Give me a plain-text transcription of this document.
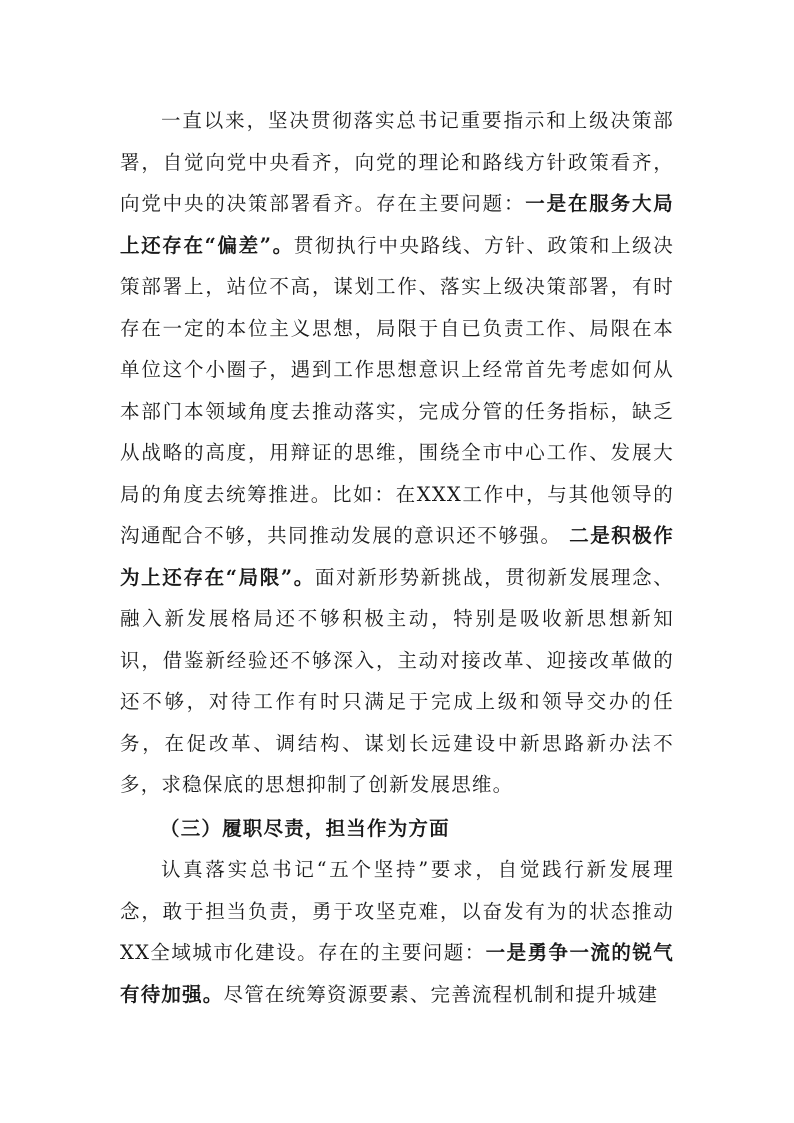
一直以来，坚决贯彻落实总书记重要指示和上级决策部署，自觉向党中央看齐，向党的理论和路线方针政策看齐，向党中央的决策部署看齐。存在主要问题：一是在服务大局上还存在“偏差”。贯彻执行中央路线、方针、政策和上级决策部署上，站位不高，谋划工作、落实上级决策部署，有时存在一定的本位主义思想，局限于自已负责工作、局限在本单位这个小圈子，遇到工作思想意识上经常首先考虑如何从本部门本领域角度去推动落实，完成分管的任务指标，缺乏从战略的高度，用辩证的思维，围绕全市中心工作、发展大局的角度去统筹推进。比如：在XXX工作中，与其他领导的沟通配合不够，共同推动发展的意识还不够强。 二是积极作为上还存在“局限”。面对新形势新挑战，贯彻新发展理念、融入新发展格局还不够积极主动，特别是吸收新思想新知识，借鉴新经验还不够深入，主动对接改革、迎接改革做的还不够，对待工作有时只满足于完成上级和领导交办的任务，在促改革、调结构、谋划长远建设中新思路新办法不多，求稳保底的思想抑制了创新发展思维。

（三）履职尽责，担当作为方面

认真落实总书记“五个坚持”要求，自觉践行新发展理念，敢于担当负责，勇于攻坚克难，以奋发有为的状态推动XX全域城市化建设。存在的主要问题：一是勇争一流的锐气有待加强。尽管在统筹资源要素、完善流程机制和提升城建
